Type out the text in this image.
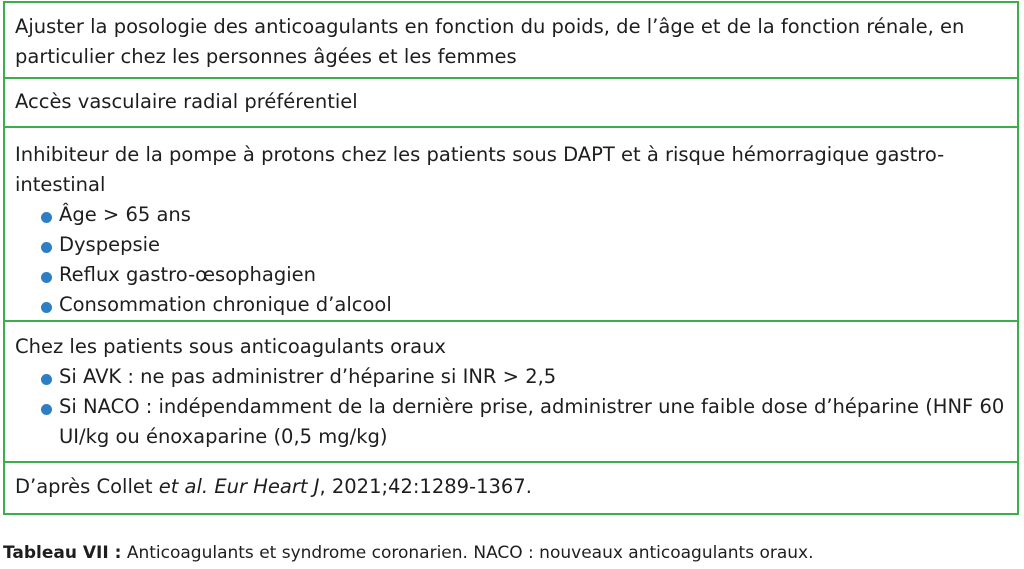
Ajuster la posologie des anticoagulants en fonction du poids, de l’âge et de la fonction rénale, en particulier chez les personnes âgées et les femmes
Accès vasculaire radial préférentiel
Inhibiteur de la pompe à protons chez les patients sous DAPT et à risque hémorragique gastro-intestinal
Âge > 65 ans
Dyspepsie
Reflux gastro-œsophagien
Consommation chronique d’alcool
Chez les patients sous anticoagulants oraux
Si AVK : ne pas administrer d’héparine si INR > 2,5
Si NACO : indépendamment de la dernière prise, administrer une faible dose d’héparine (HNF 60 UI/kg ou énoxaparine (0,5 mg/kg)
D’après Collet et al. Eur Heart J, 2021;42:1289-1367.
Tableau VII : Anticoagulants et syndrome coronarien. NACO : nouveaux anticoagulants oraux.
